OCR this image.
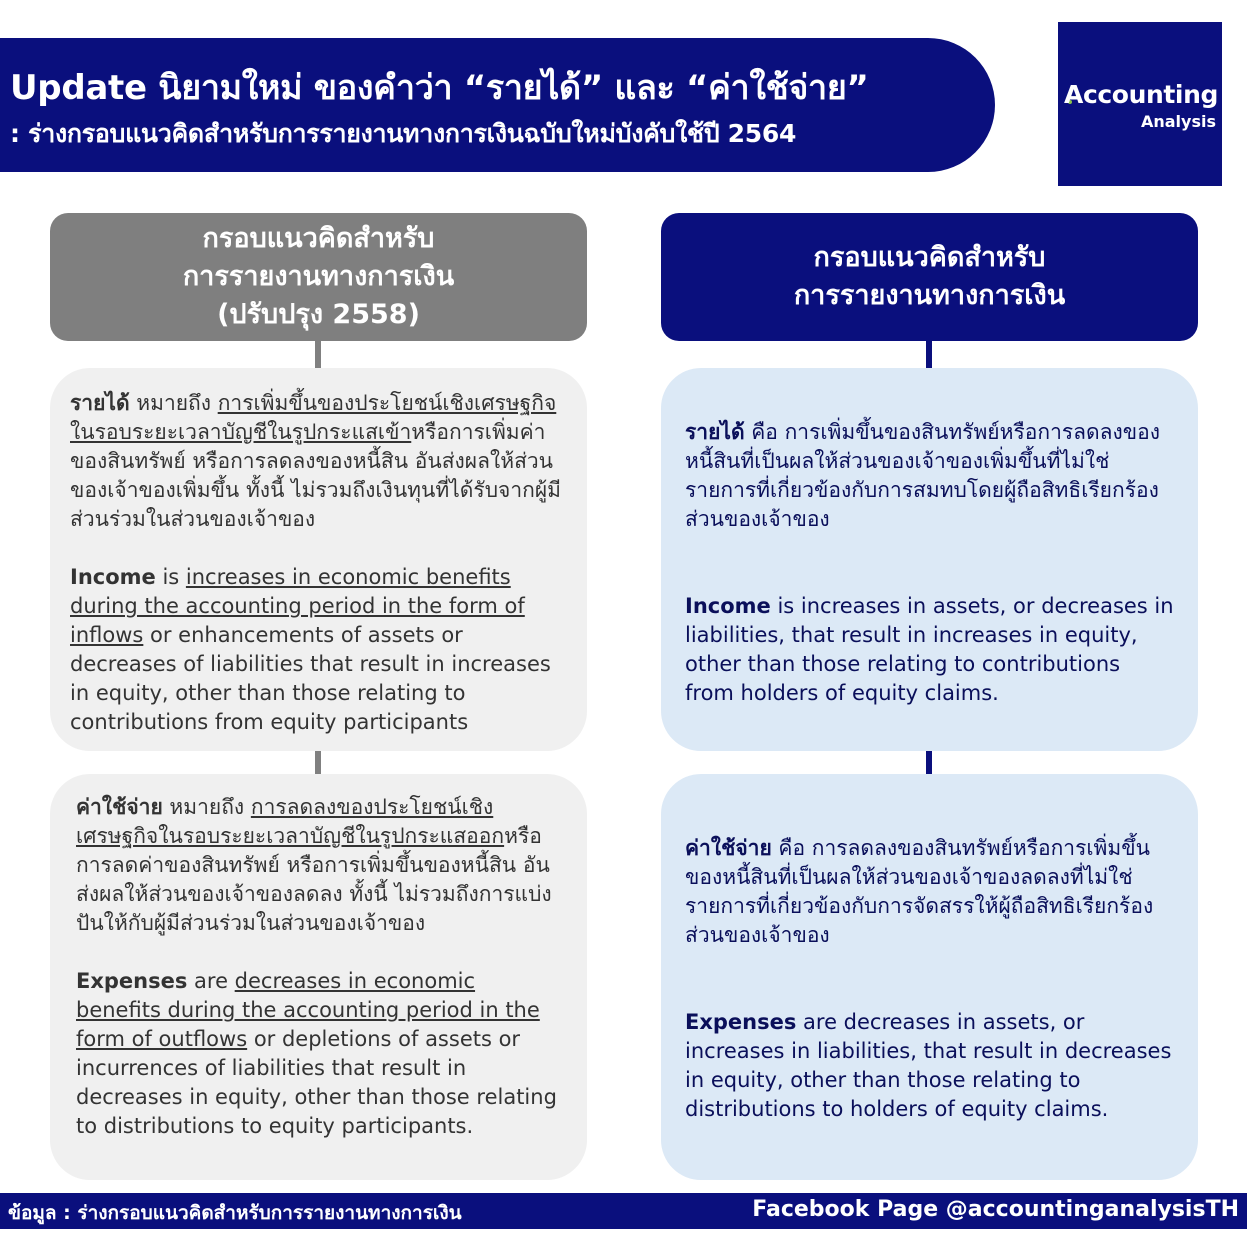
Update นิยามใหม่ ของคำว่า “รายได้” และ “ค่าใช้จ่าย”
: ร่างกรอบแนวคิดสำหรับการรายงานทางการเงินฉบับใหม่บังคับใช้ปี 2564
Accounting
Analysis
กรอบแนวคิดสำหรับ
การรายงานทางการเงิน
(ปรับปรุง 2558)
กรอบแนวคิดสำหรับ
การรายงานทางการเงิน

รายได้ หมายถึง การเพิ่มขึ้นของประโยชน์เชิงเศรษฐกิจในรอบระยะเวลาบัญชีในรูปกระแสเข้าหรือการเพิ่มค่าของสินทรัพย์ หรือการลดลงของหนี้สิน อันส่งผลให้ส่วนของเจ้าของเพิ่มขึ้น ทั้งนี้ ไม่รวมถึงเงินทุนที่ได้รับจากผู้มีส่วนร่วมในส่วนของเจ้าของ

Income is increases in economic benefits during the accounting period in the form of inflows or enhancements of assets or decreases of liabilities that result in increases in equity, other than those relating to contributions from equity participants

ค่าใช้จ่าย หมายถึง การลดลงของประโยชน์เชิงเศรษฐกิจในรอบระยะเวลาบัญชีในรูปกระแสออกหรือการลดค่าของสินทรัพย์ หรือการเพิ่มขึ้นของหนี้สิน อันส่งผลให้ส่วนของเจ้าของลดลง ทั้งนี้ ไม่รวมถึงการแบ่งปันให้กับผู้มีส่วนร่วมในส่วนของเจ้าของ

Expenses are decreases in economic benefits during the accounting period in the form of outflows or depletions of assets or incurrences of liabilities that result in decreases in equity, other than those relating to distributions to equity participants.

รายได้ คือ การเพิ่มขึ้นของสินทรัพย์หรือการลดลงของหนี้สินที่เป็นผลให้ส่วนของเจ้าของเพิ่มขึ้นที่ไม่ใช่รายการที่เกี่ยวข้องกับการสมทบโดยผู้ถือสิทธิเรียกร้องส่วนของเจ้าของ

Income is increases in assets, or decreases in liabilities, that result in increases in equity, other than those relating to contributions from holders of equity claims.

ค่าใช้จ่าย คือ การลดลงของสินทรัพย์หรือการเพิ่มขึ้นของหนี้สินที่เป็นผลให้ส่วนของเจ้าของลดลงที่ไม่ใช่รายการที่เกี่ยวข้องกับการจัดสรรให้ผู้ถือสิทธิเรียกร้องส่วนของเจ้าของ

Expenses are decreases in assets, or increases in liabilities, that result in decreases in equity, other than those relating to distributions to holders of equity claims.

ข้อมูล : ร่างกรอบแนวคิดสำหรับการรายงานทางการเงิน	Facebook Page @accountinganalysisTH
